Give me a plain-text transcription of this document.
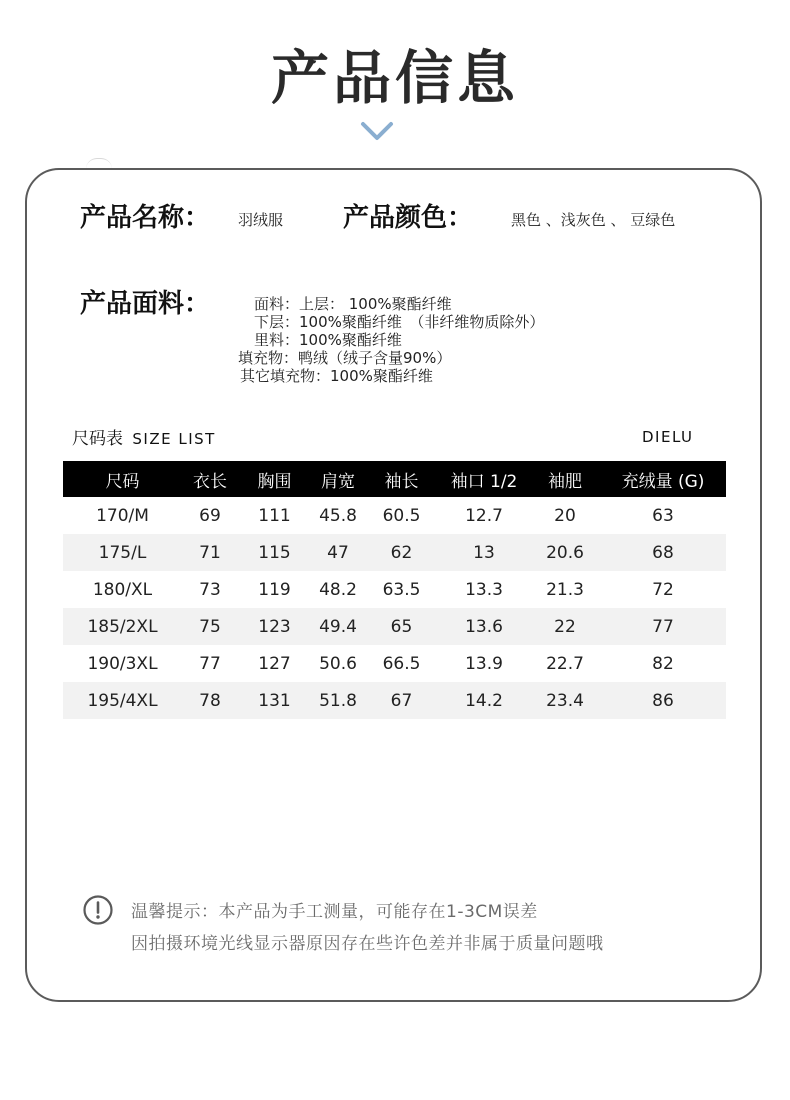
产品信息
产品名称： 羽绒服 产品颜色：	黑色 、浅灰色 、 豆绿色
产品面料：	面料：上层： 100%聚酯纤维
下层：100%聚酯纤维　（非纤维物质除外）
里料：100%聚酯纤维
填充物：鸭绒（绒子含量90%）
其它填充物：100%聚酯纤维
尺码表 SIZE LIST	DIELU
尺码	衣长	胸围	肩宽	袖长	袖口 1/2	袖肥	充绒量 (G)
170/M	69	111	45.8	60.5	12.7	20	63
175/L	71	115	47	62	13	20.6	68
180/XL	73	119	48.2	63.5	13.3	21.3	72
185/2XL	75	123	49.4	65	13.6	22	77
190/3XL	77	127	50.6	66.5	13.9	22.7	82
195/4XL	78	131	51.8	67	14.2	23.4	86
温馨提示：本产品为手工测量，可能存在1-3CM误差
因拍摄环境光线显示器原因存在些许色差并非属于质量问题哦
